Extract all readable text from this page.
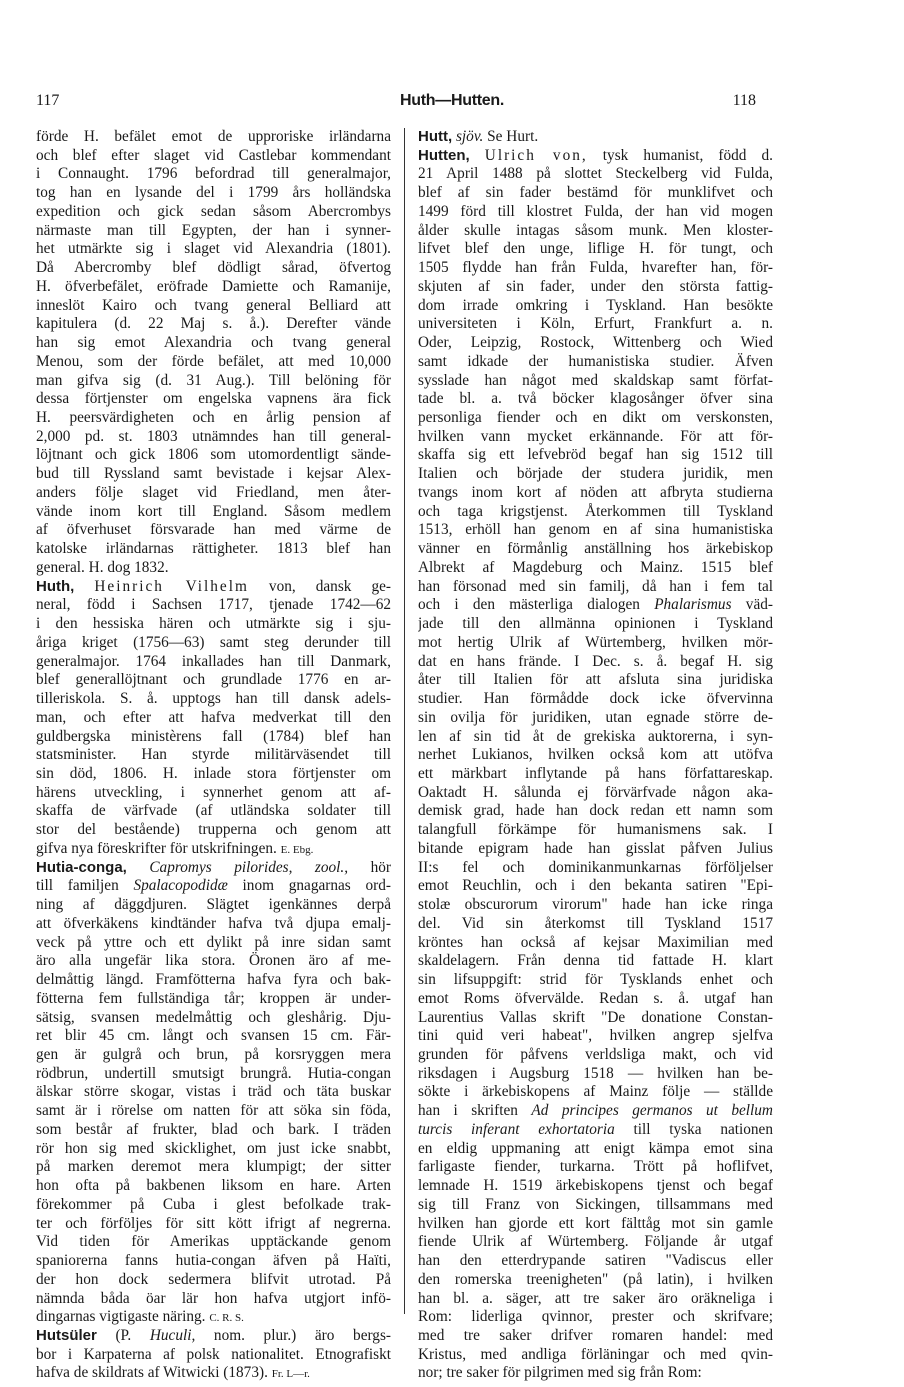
117	Huth—Hutten.	118
förde H. befälet emot de upproriske irländarna
och blef efter slaget vid Castlebar kommendant
i Connaught. 1796 befordrad till generalmajor,
tog han en lysande del i 1799 års holländska
expedition och gick sedan såsom Abercrombys
närmaste man till Egypten, der han i synner-
het utmärkte sig i slaget vid Alexandria (1801).
Då Abercromby blef dödligt sårad, öfvertog
H. öfverbefälet, eröfrade Damiette och Ramanije,
inneslöt Kairo och tvang general Belliard att
kapitulera (d. 22 Maj s. å.). Derefter vände
han sig emot Alexandria och tvang general
Menou, som der förde befälet, att med 10,000
man gifva sig (d. 31 Aug.). Till belöning för
dessa förtjenster om engelska vapnens ära fick
H. peersvärdigheten och en årlig pension af
2,000 pd. st. 1803 utnämndes han till general-
löjtnant och gick 1806 som utomordentligt sände-
bud till Ryssland samt bevistade i kejsar Alex-
anders följe slaget vid Friedland, men åter-
vände inom kort till England. Såsom medlem
af öfverhuset försvarade han med värme de
katolske irländarnas rättigheter. 1813 blef han
general. H. dog 1832.
Huth, Heinrich Vilhelm von, dansk ge-
neral, född i Sachsen 1717, tjenade 1742—62
i den hessiska hären och utmärkte sig i sju-
åriga kriget (1756—63) samt steg derunder till
generalmajor. 1764 inkallades han till Danmark,
blef generallöjtnant och grundlade 1776 en ar-
tilleriskola. S. å. upptogs han till dansk adels-
man, och efter att hafva medverkat till den
guldbergska ministèrens fall (1784) blef han
statsminister. Han styrde militärväsendet till
sin död, 1806. H. inlade stora förtjenster om
härens utveckling, i synnerhet genom att af-
skaffa de värfvade (af utländska soldater till
stor del bestående) trupperna och genom att
gifva nya föreskrifter för utskrifningen. E. Ebg.
Hutia-conga, Capromys pilorides, zool., hör
till familjen Spalacopodidæ inom gnagarnas ord-
ning af däggdjuren. Slägtet igenkännes derpå
att öfverkäkens kindtänder hafva två djupa emalj-
veck på yttre och ett dylikt på inre sidan samt
äro alla ungefär lika stora. Öronen äro af me-
delmåttig längd. Framfötterna hafva fyra och bak-
fötterna fem fullständiga tår; kroppen är under-
sätsig, svansen medelmåttig och gleshårig. Dju-
ret blir 45 cm. långt och svansen 15 cm. Fär-
gen är gulgrå och brun, på korsryggen mera
rödbrun, undertill smutsigt brungrå. Hutia-congan
älskar större skogar, vistas i träd och täta buskar
samt är i rörelse om natten för att söka sin föda,
som består af frukter, blad och bark. I träden
rör hon sig med skicklighet, om just icke snabbt,
på marken deremot mera klumpigt; der sitter
hon ofta på bakbenen liksom en hare. Arten
förekommer på Cuba i glest befolkade trak-
ter och förföljes för sitt kött ifrigt af negrerna.
Vid tiden för Amerikas upptäckande genom
spaniorerna fanns hutia-congan äfven på Haïti,
der hon dock sedermera blifvit utrotad. På
nämnda båda öar lär hon hafva utgjort infö-
dingarnas vigtigaste näring. C. R. S.
Hutsüler (P. Huculi, nom. plur.) äro bergs-
bor i Karpaterna af polsk nationalitet. Etnografiskt
hafva de skildrats af Witwicki (1873). Fr. L—r.
Hutt, sjöv. Se Hurt.
Hutten, Ulrich von, tysk humanist, född d.
21 April 1488 på slottet Steckelberg vid Fulda,
blef af sin fader bestämd för munklifvet och
1499 förd till klostret Fulda, der han vid mogen
ålder skulle intagas såsom munk. Men kloster-
lifvet blef den unge, liflige H. för tungt, och
1505 flydde han från Fulda, hvarefter han, för-
skjuten af sin fader, under den största fattig-
dom irrade omkring i Tyskland. Han besökte
universiteten i Köln, Erfurt, Frankfurt a. n.
Oder, Leipzig, Rostock, Wittenberg och Wied
samt idkade der humanistiska studier. Äfven
sysslade han något med skaldskap samt förfat-
tade bl. a. två böcker klagosånger öfver sina
personliga fiender och en dikt om verskonsten,
hvilken vann mycket erkännande. För att för-
skaffa sig ett lefvebröd begaf han sig 1512 till
Italien och började der studera juridik, men
tvangs inom kort af nöden att afbryta studierna
och taga krigstjenst. Återkommen till Tyskland
1513, erhöll han genom en af sina humanistiska
vänner en förmånlig anställning hos ärkebiskop
Albrekt af Magdeburg och Mainz. 1515 blef
han försonad med sin familj, då han i fem tal
och i den mästerliga dialogen Phalarismus väd-
jade till den allmänna opinionen i Tyskland
mot hertig Ulrik af Würtemberg, hvilken mör-
dat en hans frände. I Dec. s. å. begaf H. sig
åter till Italien för att afsluta sina juridiska
studier. Han förmådde dock icke öfvervinna
sin ovilja för juridiken, utan egnade större de-
len af sin tid åt de grekiska auktorerna, i syn-
nerhet Lukianos, hvilken också kom att utöfva
ett märkbart inflytande på hans författareskap.
Oaktadt H. sålunda ej förvärfvade någon aka-
demisk grad, hade han dock redan ett namn som
talangfull förkämpe för humanismens sak. I
bitande epigram hade han gisslat påfven Julius
II:s fel och dominikanmunkarnas förföljelser
emot Reuchlin, och i den bekanta satiren "Epi-
stolæ obscurorum virorum" hade han icke ringa
del. Vid sin återkomst till Tyskland 1517
kröntes han också af kejsar Maximilian med
skaldelagern. Från denna tid fattade H. klart
sin lifsuppgift: strid för Tysklands enhet och
emot Roms öfvervälde. Redan s. å. utgaf han
Laurentius Vallas skrift "De donatione Constan-
tini quid veri habeat", hvilken angrep sjelfva
grunden för påfvens verldsliga makt, och vid
riksdagen i Augsburg 1518 — hvilken han be-
sökte i ärkebiskopens af Mainz följe — ställde
han i skriften Ad principes germanos ut bellum
turcis inferant exhortatoria till tyska nationen
en eldig uppmaning att enigt kämpa emot sina
farligaste fiender, turkarna. Trött på hoflifvet,
lemnade H. 1519 ärkebiskopens tjenst och begaf
sig till Franz von Sickingen, tillsammans med
hvilken han gjorde ett kort fälttåg mot sin gamle
fiende Ulrik af Würtemberg. Följande år utgaf
han den etterdrypande satiren "Vadiscus eller
den romerska treenigheten" (på latin), i hvilken
han bl. a. säger, att tre saker äro oräkneliga i
Rom: liderliga qvinnor, prester och skrifvare;
med tre saker drifver romaren handel: med
Kristus, med andliga förläningar och med qvin-
nor; tre saker för pilgrimen med sig från Rom:
